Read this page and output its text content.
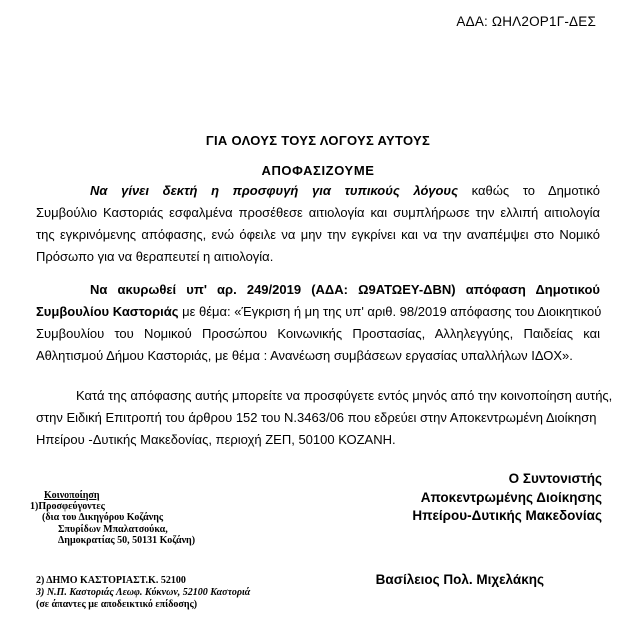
ΑΔΑ: ΩΗΛ2ΟΡ1Γ-ΔΕΣ
ΓΙΑ ΟΛΟΥΣ ΤΟΥΣ ΛΟΓΟΥΣ ΑΥΤΟΥΣ
ΑΠΟΦΑΣΙΖΟΥΜΕ
Να γίνει δεκτή η προσφυγή για τυπικούς λόγους καθώς το Δημοτικό
Συμβούλιο Καστοριάς εσφαλμένα προσέθεσε αιτιολογία και συμπλήρωσε την ελλιπή αιτιολογία
της εγκρινόμενης απόφασης, ενώ όφειλε να μην την εγκρίνει και να την αναπέμψει στο Νομικό
Πρόσωπο για να θεραπευτεί η αιτιολογία.
Να ακυρωθεί υπ' αρ. 249/2019 (ΑΔΑ: Ω9ΑΤΩΕΥ-ΔΒΝ) απόφαση Δημοτικού
Συμβουλίου Καστοριάς με θέμα: «Έγκριση ή μη της υπ' αριθ. 98/2019 απόφασης του Διοικητικού
Συμβουλίου του Νομικού Προσώπου Κοινωνικής Προστασίας, Αλληλεγγύης, Παιδείας και
Αθλητισμού Δήμου Καστοριάς, με θέμα : Ανανέωση συμβάσεων εργασίας υπαλλήλων ΙΔΟΧ».
Κατά της απόφασης αυτής μπορείτε να προσφύγετε εντός μηνός από την κοινοποίηση αυτής,
στην Ειδική Επιτροπή του άρθρου 152 του Ν.3463/06 που εδρεύει στην Αποκεντρωμένη Διοίκηση
Ηπείρου -Δυτικής Μακεδονίας, περιοχή ΖΕΠ, 50100 ΚΟΖΑΝΗ.
Ο Συντονιστής
Αποκεντρωμένης Διοίκησης
Ηπείρου-Δυτικής Μακεδονίας
Βασίλειος Πολ. Μιχελάκης
Κοινοποίηση
1)Προσφεύγοντες
(δια του Δικηγόρου Κοζάνης
Σπυρίδων Μπαλατσούκα,
Δημοκρατίας 50, 50131 Κοζάνη)
2) ΔΗΜΟ ΚΑΣΤΟΡΙΑΣΤ.Κ. 52100
3) Ν.Π. Καστοριάς Λεωφ. Κύκνων, 52100 Καστοριά
(σε άπαντες με αποδεικτικό επίδοσης)
